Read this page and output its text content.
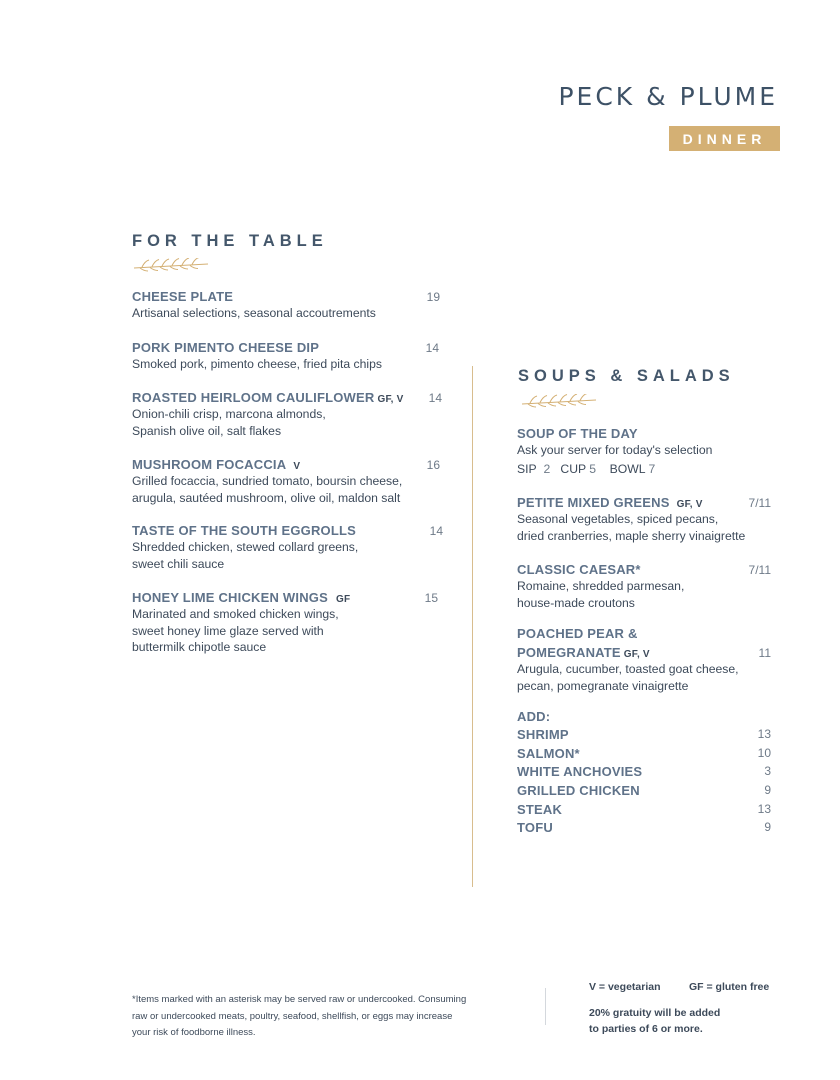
PECK & PLUME
DINNER
FOR THE TABLE
CHEESE PLATE	19
Artisanal selections, seasonal accoutrements
PORK PIMENTO CHEESE DIP	14
Smoked pork, pimento cheese, fried pita chips
ROASTED HEIRLOOM CAULIFLOWER GF, V	14
Onion-chili crisp, marcona almonds,
Spanish olive oil, salt flakes
MUSHROOM FOCACCIA V	16
Grilled focaccia, sundried tomato, boursin cheese,
arugula, sautéed mushroom, olive oil, maldon salt
TASTE OF THE SOUTH EGGROLLS	14
Shredded chicken, stewed collard greens,
sweet chili sauce
HONEY LIME CHICKEN WINGS GF	15
Marinated and smoked chicken wings,
sweet honey lime glaze served with
buttermilk chipotle sauce
SOUPS & SALADS
SOUP OF THE DAY
Ask your server for today's selection
SIP 2 CUP 5 BOWL 7
PETITE MIXED GREENS GF, V	7/11
Seasonal vegetables, spiced pecans,
dried cranberries, maple sherry vinaigrette
CLASSIC CAESAR*	7/11
Romaine, shredded parmesan,
house-made croutons
POACHED PEAR &
POMEGRANATE GF, V	11
Arugula, cucumber, toasted goat cheese,
pecan, pomegranate vinaigrette
ADD:
SHRIMP	13
SALMON*	10
WHITE ANCHOVIES	3
GRILLED CHICKEN	9
STEAK	13
TOFU	9
*Items marked with an asterisk may be served raw or undercooked. Consuming
raw or undercooked meats, poultry, seafood, shellfish, or eggs may increase
your risk of foodborne illness.
V = vegetarian	GF = gluten free
20% gratuity will be added
to parties of 6 or more.
